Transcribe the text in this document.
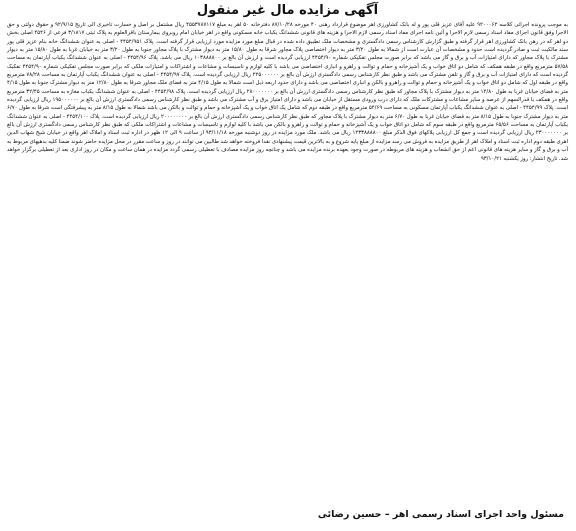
آگهی مزایده مال غیر منقول

به موجب پرونده اجرائی کلاسه ۹۲۰۰۰۶۲ علیه آقای عزیز قلی پور و له بانک کشاورزی اهر موضوع قرارداد رهنی ۴۰ مورخه ۸۷/۱۰/۲۸ دفترخانه ۵۰ اهر به مبلغ ۴۵۵۳۷۸۷۱۱۷ ریال مشتمل بر اصل و خسارت تاخیری الی تاریخ ۹۲/۹/۱۵ و حقوق دولتی و حق الاجرا وفق قانون اجرای مفاد اسناد رسمی لازم الاجرا و آئین نامه اجرای مفاد اسناد رسمی لازم الاجرا و هزینه های قانونی ششدانگ یکباب خانه مسکونی واقع در اهر خیابان امام روبروی بیمارستان باقرالعلوم به پلاک ثبتی ۳/۱۸۱۷ فرعی از ۴۵۴۶ اصلی بخش دو اهر که در رهن بانک کشاورزی اهر قرار گرفته و طبق گزارش کارشناس رسمی دادگستری و مشخصات ملک تطبیق داده شده در قبال مبلغ مورد مزایده مورد ارزیابی قرار گرفته است. پلاک ۴۴۵۴/۹۵۱ - اصلی به عنوان ششدانگ خانه بنام عزیز قلی پور سند مالکیت ثبت و صادر گردیده است حدود و مشخصات آن عبارت است از شمالا به طول ۳/۲۰ متر به دیوار اختصاصی پلاک مجاور شرقا به طول ۱۵/۸۰ متر به دیوار مشترک با پلاک مجاور جنوبا به طول ۳/۲۰ متر به خیابان غربا به طول ۱۵/۸۰ متر به دیوار مشترک با پلاک مجاور که دارای امتیازات آب و برق و گاز می باشد که برابر صورت مجلس تفکیکی شماره ۴۴۵۴/۹۰ ارزیابی گردیده است و ارزش آن بالغ بر ۱۰۳۸۸۸۸۰۰ ریال می باشد. پلاک ۴۴۵۴/۹۶ - اصلی به عنوان ششدانگ یکباب آپارتمان به مساحت ۵۷/۵۸ مترمربع واقع در طبقه همکف که شامل دو اتاق خواب و یک آشپزخانه و حمام و توالت و راهرو و انباری اختصاصی می باشد با کلیه لوازم و تاسیسات و مشاعات و اشتراکات و امتیازات ملکی که برابر صورت مجلس تفکیکی شماره ۴۴۵۴/۹۰ تفکیک گردیده است که دارای امتیازات آب و برق و گاز و تلفن مشترک می باشد و طبق نظر کارشناس رسمی دادگستری ارزش آن بالغ بر ۲۲۵۰۰۰۰۰۰ ریال ارزیابی گردیده است. پلاک ۴۴۵۴/۹۷ - اصلی به عنوان ششدانگ یکباب آپارتمان به مساحت ۷۸/۲۸ مترمربع واقع در طبقه اول که شامل دو اتاق خواب و یک آشپزخانه و حمام و توالت و راهرو و بالکن و انباری اختصاصی می باشد و دارای حدود اربعه ذیل است شمالا به طول ۴/۱۵ متر به فضای ملک مجاور شرقا به طول ۱۲/۸۰ متر به دیوار مشترک جنوبا به طول ۴/۱۵ متر به فضای خیابان غربا به طول ۱۲/۸۰ متر به دیوار مشترک با پلاک مجاور که طبق نظر کارشناس رسمی دادگستری ارزش آن بالغ بر ۲۸۰۰۰۰۰۰۰ ریال ارزیابی گردیده است. پلاک ۴۴۵۴/۹۸ - اصلی به عنوان ششدانگ یکباب مغازه به مساحت ۳۲/۴۵ مترمربع واقع در همکف با قدرالسهم از عرصه و سایر مشاعات و مشترکات ملک که دارای درب ورودی مستقل از خیابان می باشد و دارای امتیاز برق و آب مشترک می باشد و طبق نظر کارشناس رسمی دادگستری ارزش آن بالغ بر ۱۹۵۰۰۰۰۰۰ ریال ارزیابی گردیده است. پلاک ۴۴۵۴/۹۹ - اصلی به عنوان ششدانگ یکباب آپارتمان مسکونی به مساحت ۵۴/۶۹ مترمربع واقع در طبقه دوم که شامل یک اتاق خواب و یک آشپزخانه و حمام و توالت و بالکن می باشد شمالا به طول ۸/۱۵ متر به پیشرفتگی است شرقا به طول ۶/۷۰ متر به دیوار مشترک جنوبا به طول ۸/۱۵ متر به فضای خیابان غربا به طول ۶/۷۰ متر به دیوار مشترک با پلاک مجاور که طبق نظر کارشناس رسمی دادگستری ارزش آن بالغ بر ۲۰۰۰۰۰۰۰۰ ریال ارزیابی گردیده است. پلاک ۴۴۵۴/۱۰۰ - اصلی به عنوان ششدانگ یکباب آپارتمان به مساحت ۶۵/۵۶ مترمربع واقع در طبقه سوم که شامل دو اتاق خواب و یک آشپزخانه و حمام و توالت و راهرو و بالکن می باشد با کلیه لوازم و تاسیسات و مشاعات و اشتراکات ملکی که طبق نظر کارشناس رسمی دادگستری ارزش آن بالغ بر ۲۳۰۰۰۰۰۰۰ ریال ارزیابی گردیده است و جمع کل ارزیابی پلاکهای فوق الذکر مبلغ ۱۲۳۳۸۸۸۸۰۰ ریال می باشد. ملک مورد مزایده در روز دوشنبه مورخه ۹۳/۱۱/۱۸ از ساعت ۹ الی ۱۲ ظهر در اداره ثبت اسناد و املاک اهر واقع در خیابان شیخ شهاب الدین اهری طبقه دوم اداره ثبت اسناد و املاک اهر از طریق مزایده به فروش می رسد مزایده از مبلغ پایه شروع و به بالاترین قیمت پیشنهادی نقدا فروخته خواهد شد طالبین می توانند در روز و ساعت مقرر در محل مزایده حاضر شوند ضمنا کلیه بدهیهای مربوط به آب و برق و گاز و سایر هزینه های قانونی اعم از حق انشعاب و هزینه های مربوطه در صورت وجود بعهده برنده مزایده می باشد و چنانچه روز مزایده مصادف با تعطیلی رسمی گردد مزایده در همان ساعت و مکان در روز اداری بعد از تعطیلی برگزار خواهد شد. تاریخ انتشار: روز یکشنبه ۹۳/۱۰/۲۱

مسئول واحد اجرای اسناد رسمی اهر – حسین رضائی
